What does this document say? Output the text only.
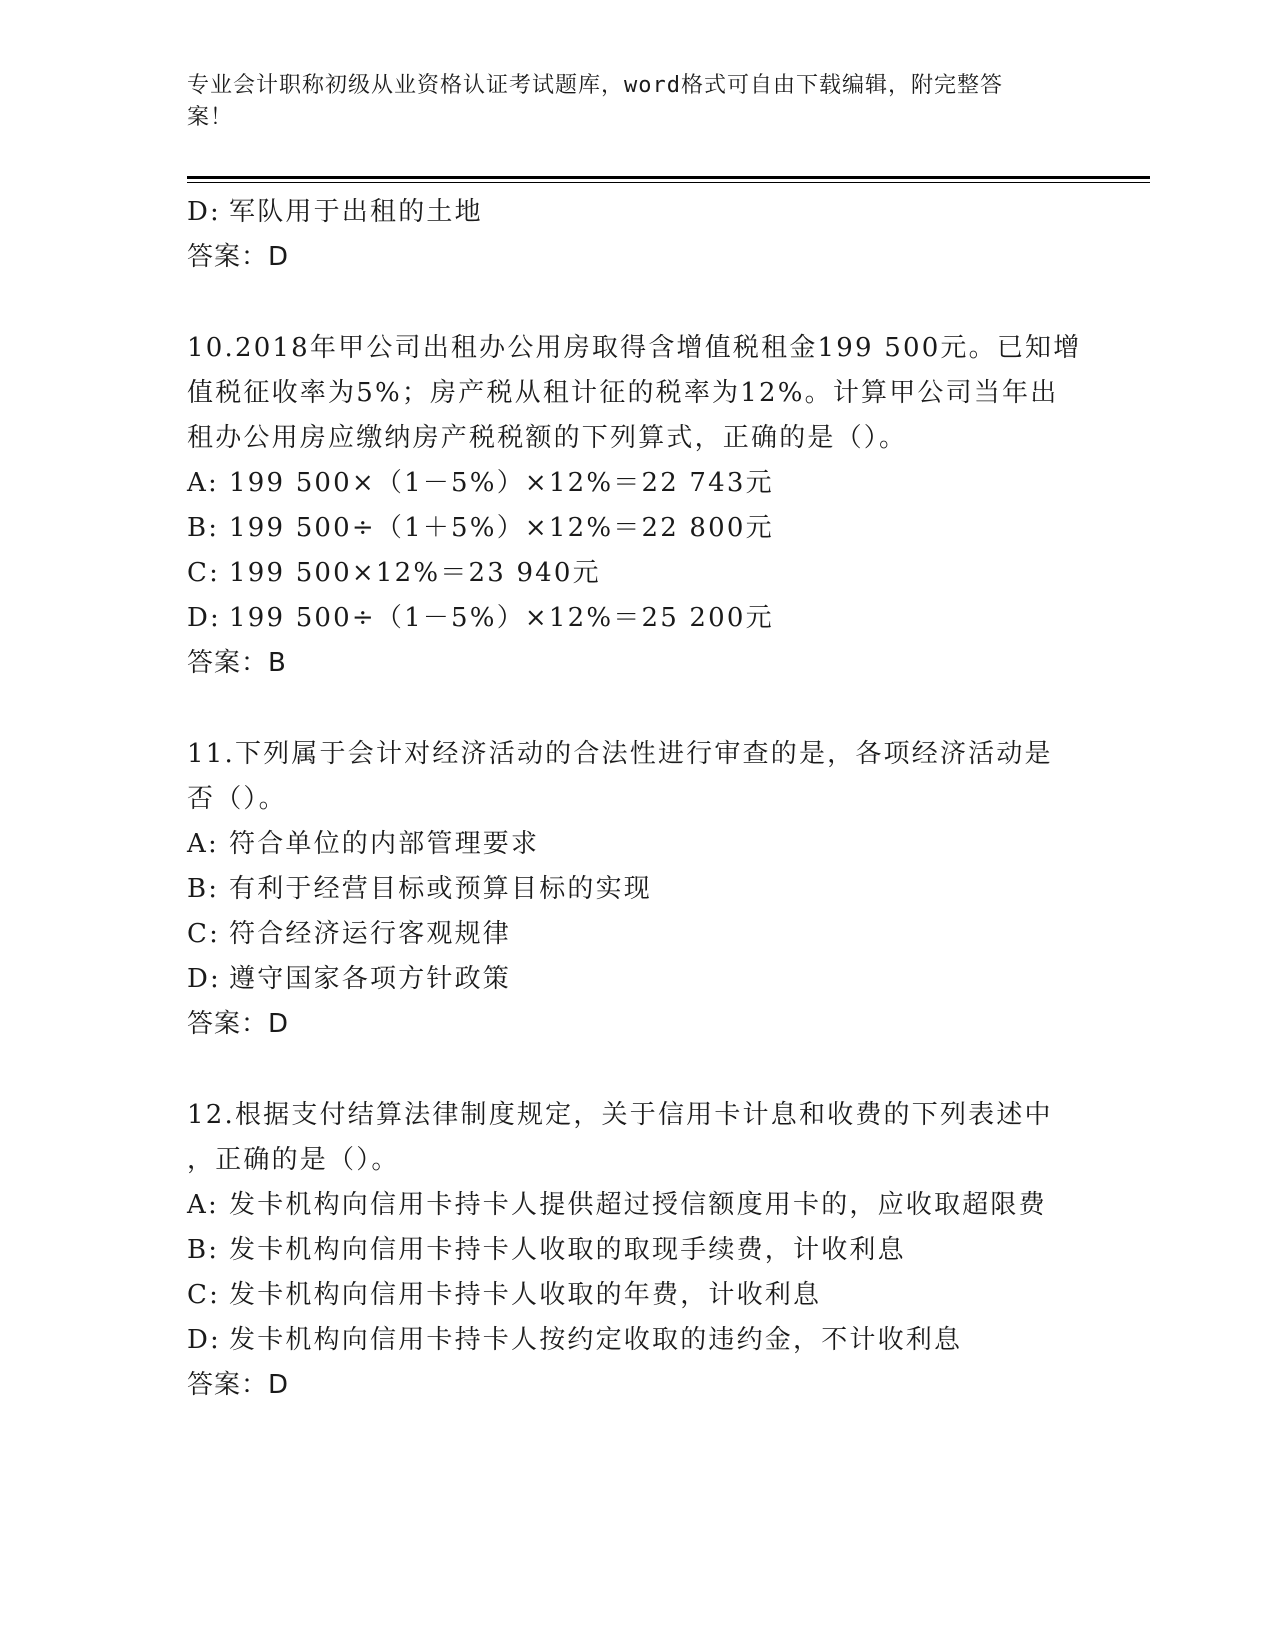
专业会计职称初级从业资格认证考试题库，word格式可自由下载编辑，附完整答
案！
D: 军队用于出租的土地
答案：D
10.2018年甲公司出租办公用房取得含增值税租金199 500元。已知增
值税征收率为5%；房产税从租计征的税率为12%。计算甲公司当年出
租办公用房应缴纳房产税税额的下列算式，正确的是（）。
A: 199 500×（1－5%）×12%＝22 743元
B: 199 500÷（1＋5%）×12%＝22 800元
C: 199 500×12%＝23 940元
D: 199 500÷（1－5%）×12%＝25 200元
答案：B
11.下列属于会计对经济活动的合法性进行审查的是，各项经济活动是
否（）。
A: 符合单位的内部管理要求
B: 有利于经营目标或预算目标的实现
C: 符合经济运行客观规律
D: 遵守国家各项方针政策
答案：D
12.根据支付结算法律制度规定，关于信用卡计息和收费的下列表述中
，正确的是（）。
A: 发卡机构向信用卡持卡人提供超过授信额度用卡的，应收取超限费
B: 发卡机构向信用卡持卡人收取的取现手续费，计收利息
C: 发卡机构向信用卡持卡人收取的年费，计收利息
D: 发卡机构向信用卡持卡人按约定收取的违约金，不计收利息
答案：D
